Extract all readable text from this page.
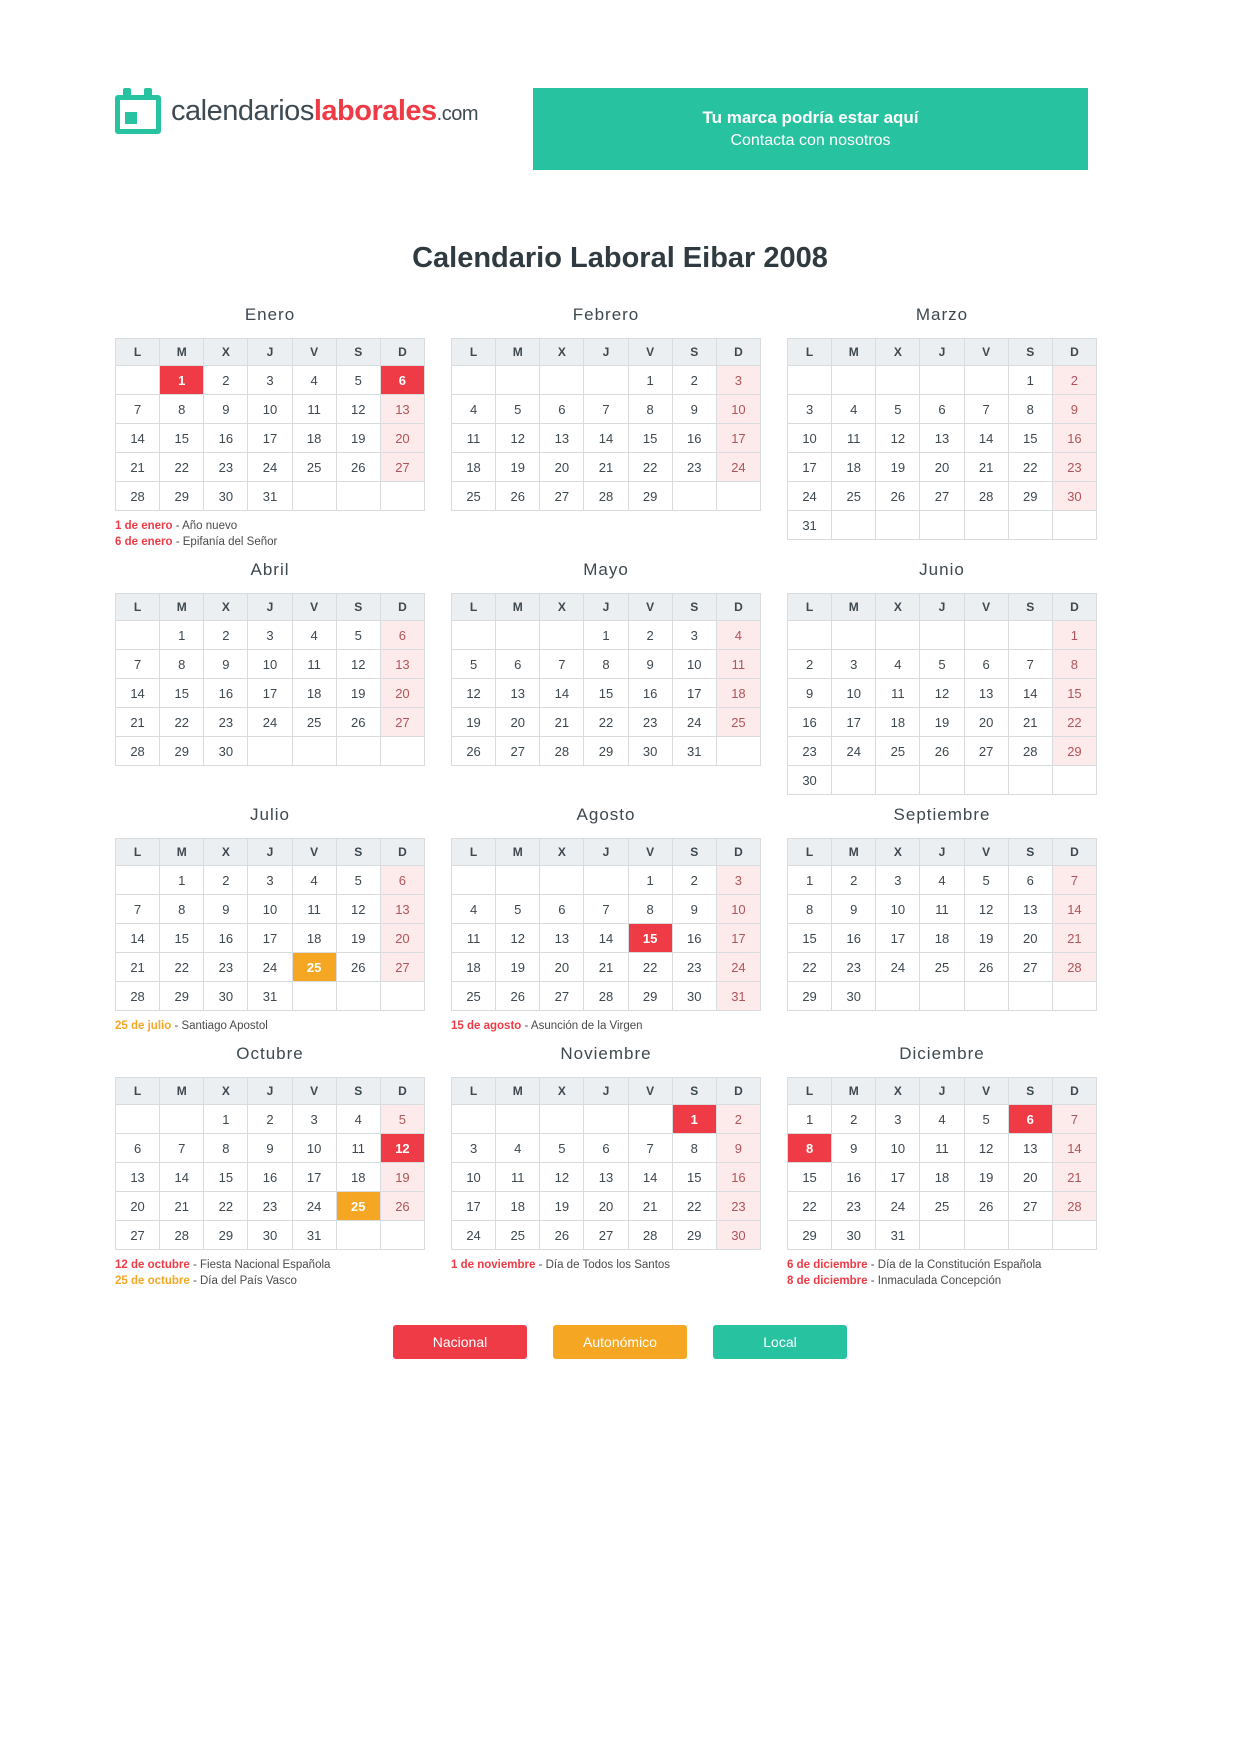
calendarioslaborales.com	Tu marca podría estar aquí
Contacta con nosotros
Calendario Laboral Eibar 2008
Enero
L	M	X	J	V	S	D
	1	2	3	4	5	6
7	8	9	10	11	12	13
14	15	16	17	18	19	20
21	22	23	24	25	26	27
28	29	30	31			
1 de enero - Año nuevo
6 de enero - Epifanía del Señor
Febrero
L	M	X	J	V	S	D
				1	2	3
4	5	6	7	8	9	10
11	12	13	14	15	16	17
18	19	20	21	22	23	24
25	26	27	28	29		
Marzo
L	M	X	J	V	S	D
					1	2
3	4	5	6	7	8	9
10	11	12	13	14	15	16
17	18	19	20	21	22	23
24	25	26	27	28	29	30
31						
Abril
L	M	X	J	V	S	D
	1	2	3	4	5	6
7	8	9	10	11	12	13
14	15	16	17	18	19	20
21	22	23	24	25	26	27
28	29	30				
Mayo
L	M	X	J	V	S	D
			1	2	3	4
5	6	7	8	9	10	11
12	13	14	15	16	17	18
19	20	21	22	23	24	25
26	27	28	29	30	31	
Junio
L	M	X	J	V	S	D
						1
2	3	4	5	6	7	8
9	10	11	12	13	14	15
16	17	18	19	20	21	22
23	24	25	26	27	28	29
30						
Julio
L	M	X	J	V	S	D
	1	2	3	4	5	6
7	8	9	10	11	12	13
14	15	16	17	18	19	20
21	22	23	24	25	26	27
28	29	30	31			
25 de julio - Santiago Apostol
Agosto
L	M	X	J	V	S	D
				1	2	3
4	5	6	7	8	9	10
11	12	13	14	15	16	17
18	19	20	21	22	23	24
25	26	27	28	29	30	31
15 de agosto - Asunción de la Virgen
Septiembre
L	M	X	J	V	S	D
1	2	3	4	5	6	7
8	9	10	11	12	13	14
15	16	17	18	19	20	21
22	23	24	25	26	27	28
29	30					
Octubre
L	M	X	J	V	S	D
		1	2	3	4	5
6	7	8	9	10	11	12
13	14	15	16	17	18	19
20	21	22	23	24	25	26
27	28	29	30	31		
12 de octubre - Fiesta Nacional Española
25 de octubre - Día del País Vasco
Noviembre
L	M	X	J	V	S	D
					1	2
3	4	5	6	7	8	9
10	11	12	13	14	15	16
17	18	19	20	21	22	23
24	25	26	27	28	29	30
1 de noviembre - Día de Todos los Santos
Diciembre
L	M	X	J	V	S	D
1	2	3	4	5	6	7
8	9	10	11	12	13	14
15	16	17	18	19	20	21
22	23	24	25	26	27	28
29	30	31				
6 de diciembre - Día de la Constitución Española
8 de diciembre - Inmaculada Concepción
Nacional	Autonómico	Local
